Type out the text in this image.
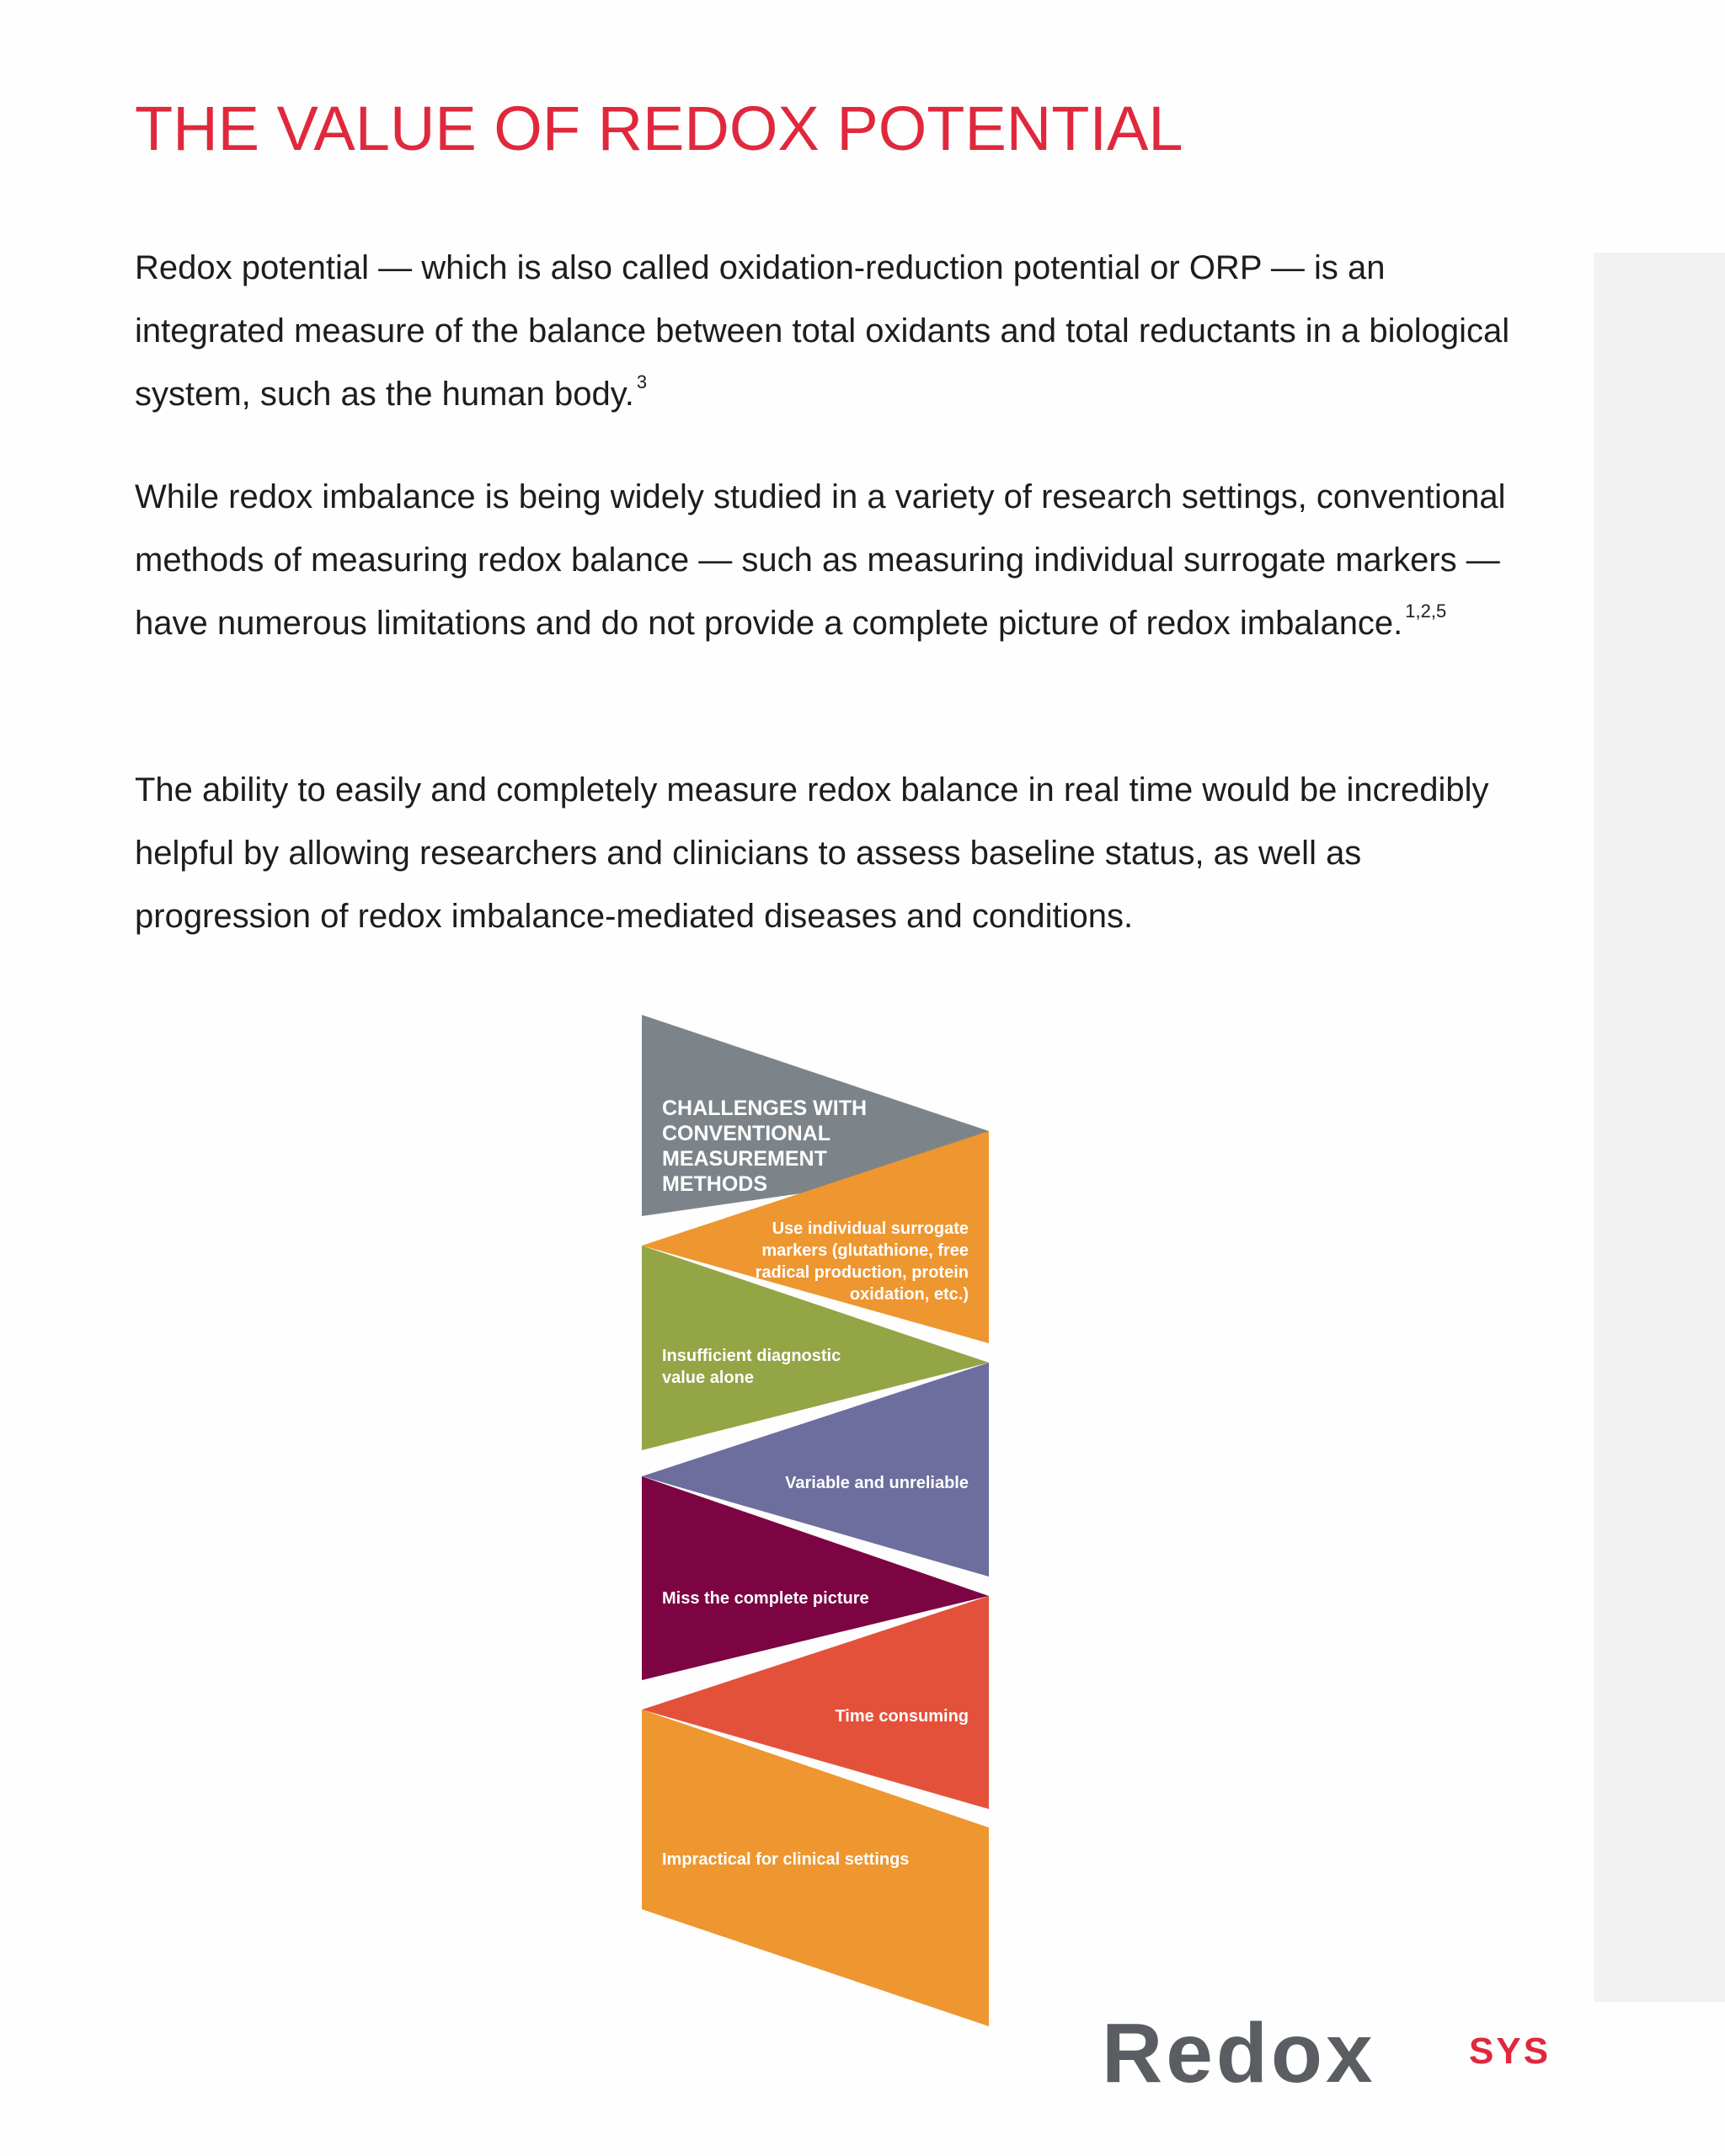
THE VALUE OF REDOX POTENTIAL

Redox potential — which is also called oxidation-reduction potential or ORP — is an integrated measure of the balance between total oxidants and total reductants in a biological system, such as the human body. $^3$

While redox imbalance is being widely studied in a variety of research settings, conventional methods of measuring redox balance — such as measuring individual surrogate markers — have numerous limitations and do not provide a complete picture of redox imbalance. $^{1,2,5}$

The ability to easily and completely measure redox balance in real time would be incredibly helpful by allowing researchers and clinicians to assess baseline status, as well as progression of redox imbalance-mediated diseases and conditions.

CHALLENGES WITH
CONVENTIONAL
MEASUREMENT
METHODS
Use individual surrogate
markers (glutathione, free
radical production, protein
oxidation, etc.)
Insufficient diagnostic
value alone
Variable and unreliable
Miss the complete picture
Time consuming
Impractical for clinical settings
Redox	SYS
